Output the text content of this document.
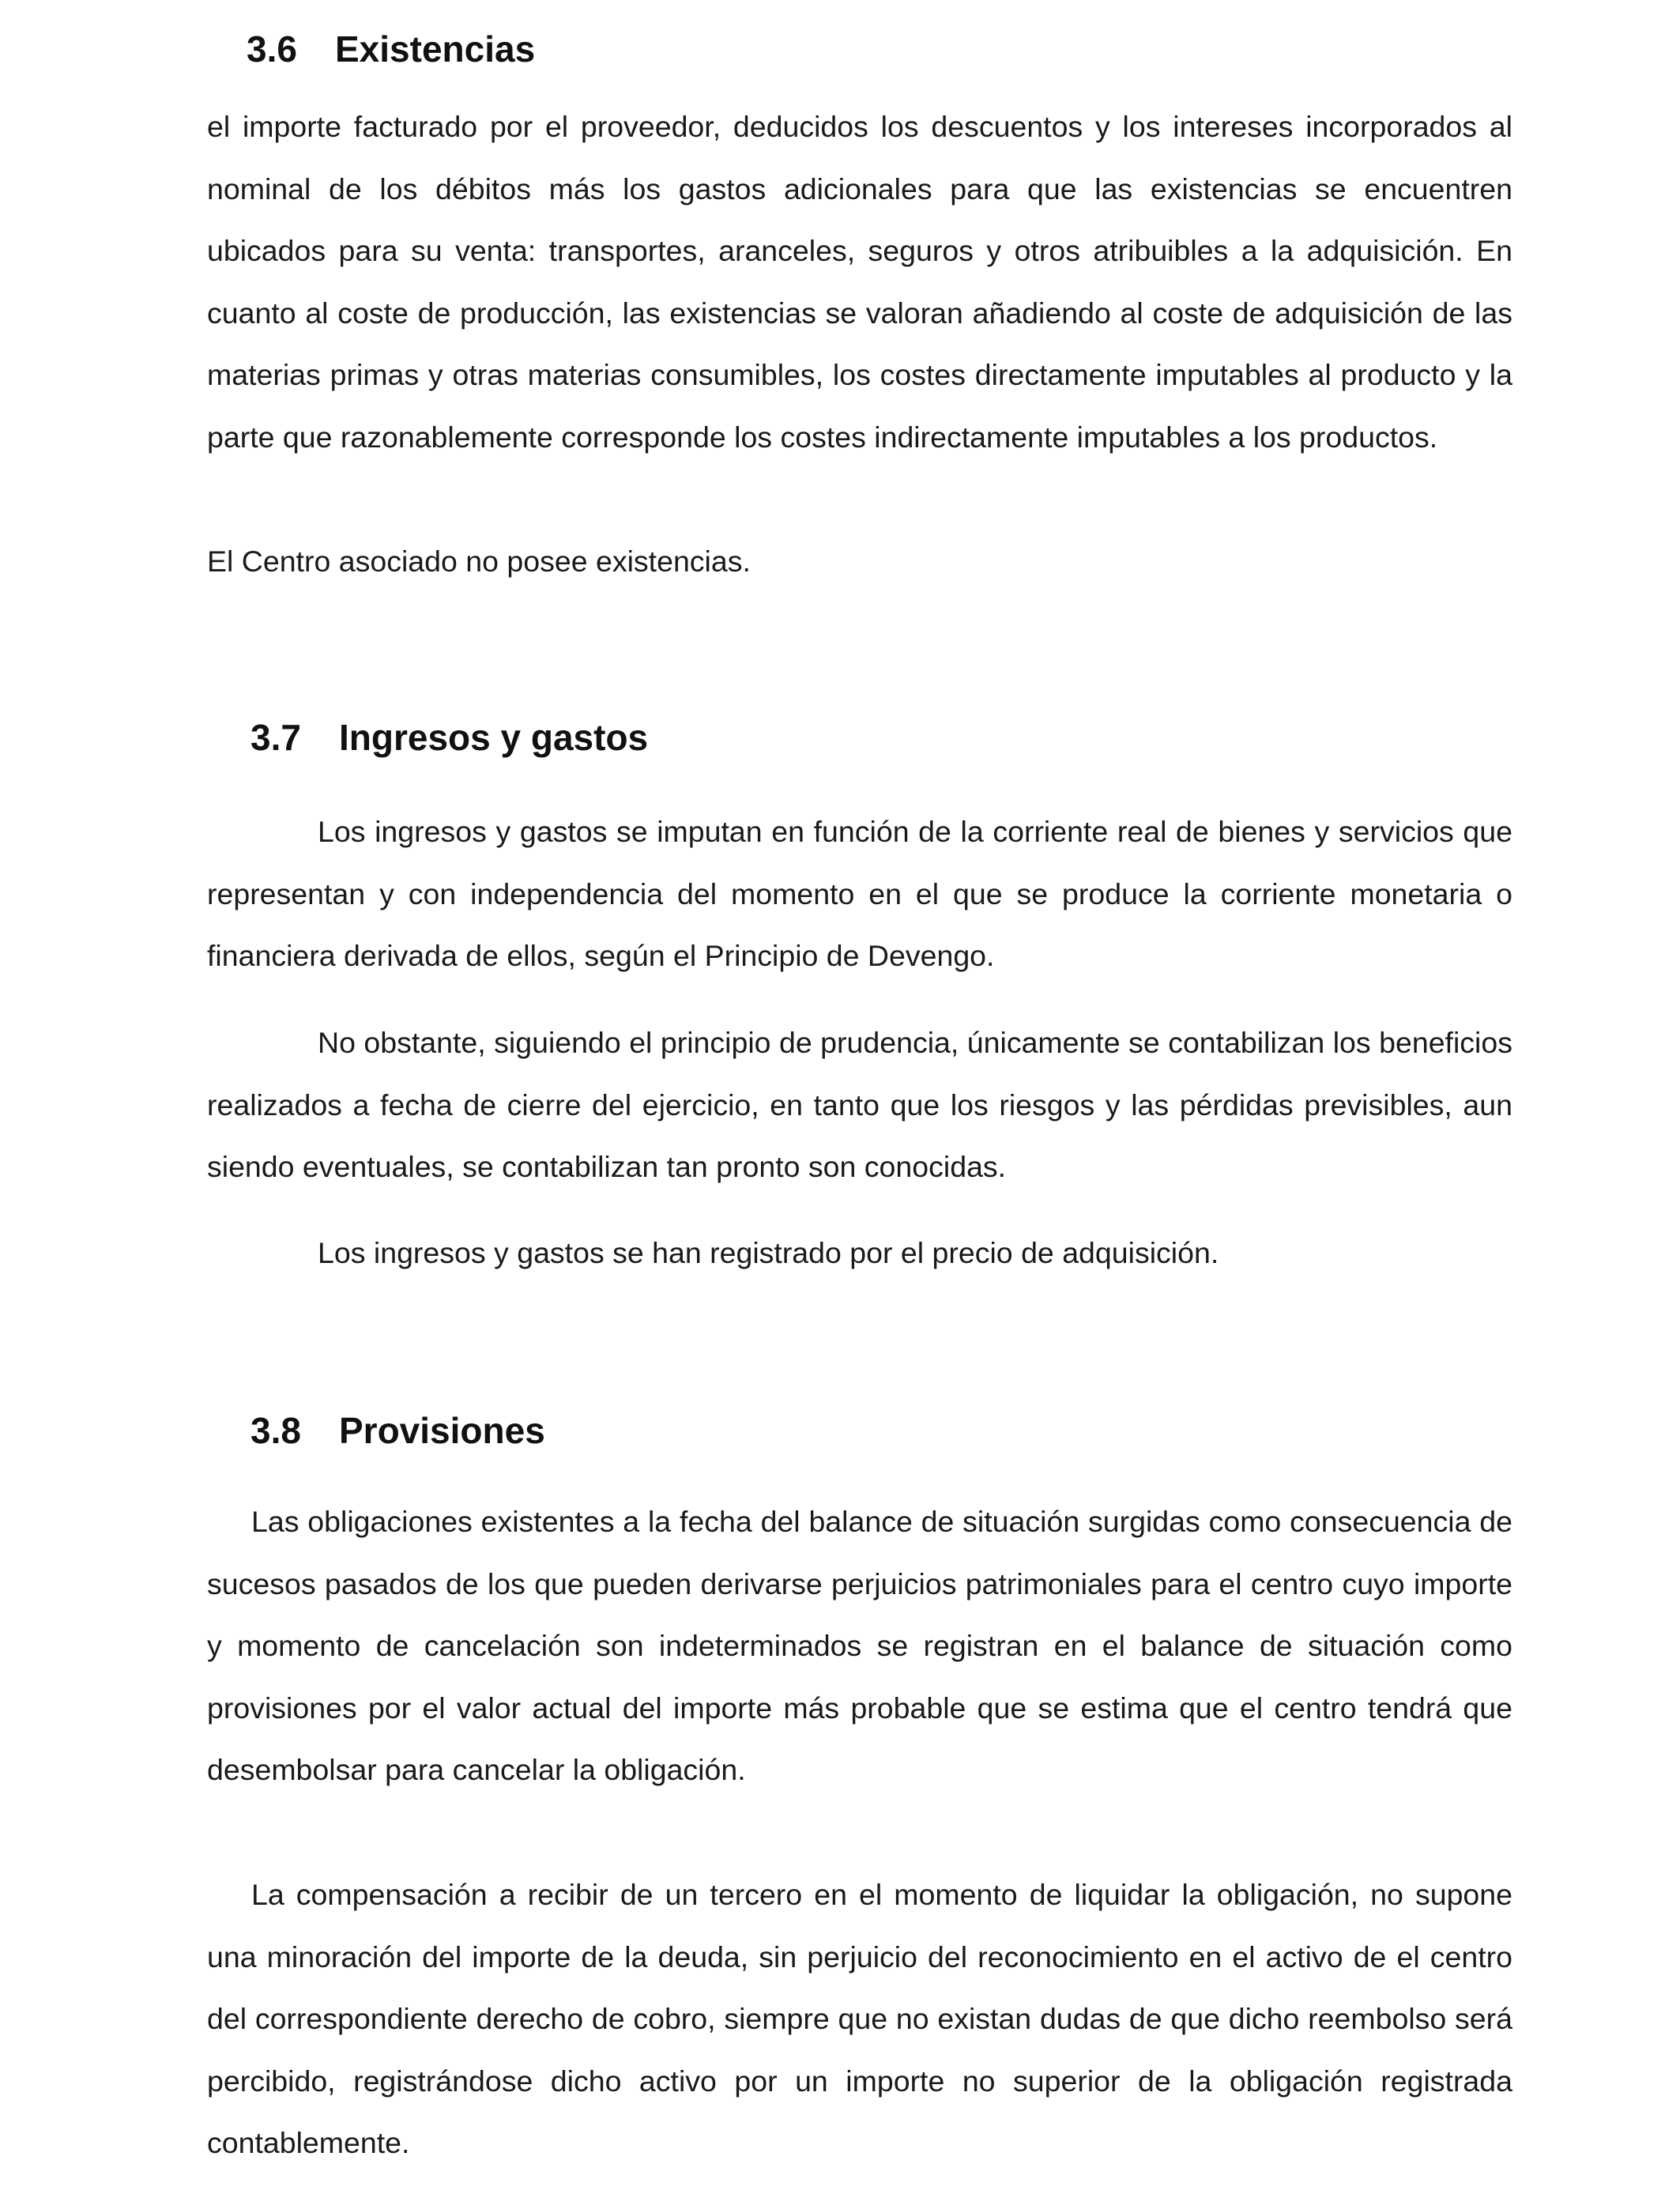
3.6 Existencias

el importe facturado por el proveedor, deducidos los descuentos y los intereses incorporados al nominal de los débitos más los gastos adicionales para que las existencias se encuentren ubicados para su venta: transportes, aranceles, seguros y otros atribuibles a la adquisición. En cuanto al coste de producción, las existencias se valoran añadiendo al coste de adquisición de las materias primas y otras materias consumibles, los costes directamente imputables al producto y la parte que razonablemente corresponde los costes indirectamente imputables a los productos.

El Centro asociado no posee existencias.

3.7 Ingresos y gastos

Los ingresos y gastos se imputan en función de la corriente real de bienes y servicios que representan y con independencia del momento en el que se produce la corriente monetaria o financiera derivada de ellos, según el Principio de Devengo.

No obstante, siguiendo el principio de prudencia, únicamente se contabilizan los beneficios realizados a fecha de cierre del ejercicio, en tanto que los riesgos y las pérdidas previsibles, aun siendo eventuales, se contabilizan tan pronto son conocidas.

Los ingresos y gastos se han registrado por el precio de adquisición.

3.8 Provisiones

Las obligaciones existentes a la fecha del balance de situación surgidas como consecuencia de sucesos pasados de los que pueden derivarse perjuicios patrimoniales para el centro cuyo importe y momento de cancelación son indeterminados se registran en el balance de situación como provisiones por el valor actual del importe más probable que se estima que el centro tendrá que desembolsar para cancelar la obligación.

La compensación a recibir de un tercero en el momento de liquidar la obligación, no supone una minoración del importe de la deuda, sin perjuicio del reconocimiento en el activo de el centro del correspondiente derecho de cobro, siempre que no existan dudas de que dicho reembolso será percibido, registrándose dicho activo por un importe no superior de la obligación registrada contablemente.
